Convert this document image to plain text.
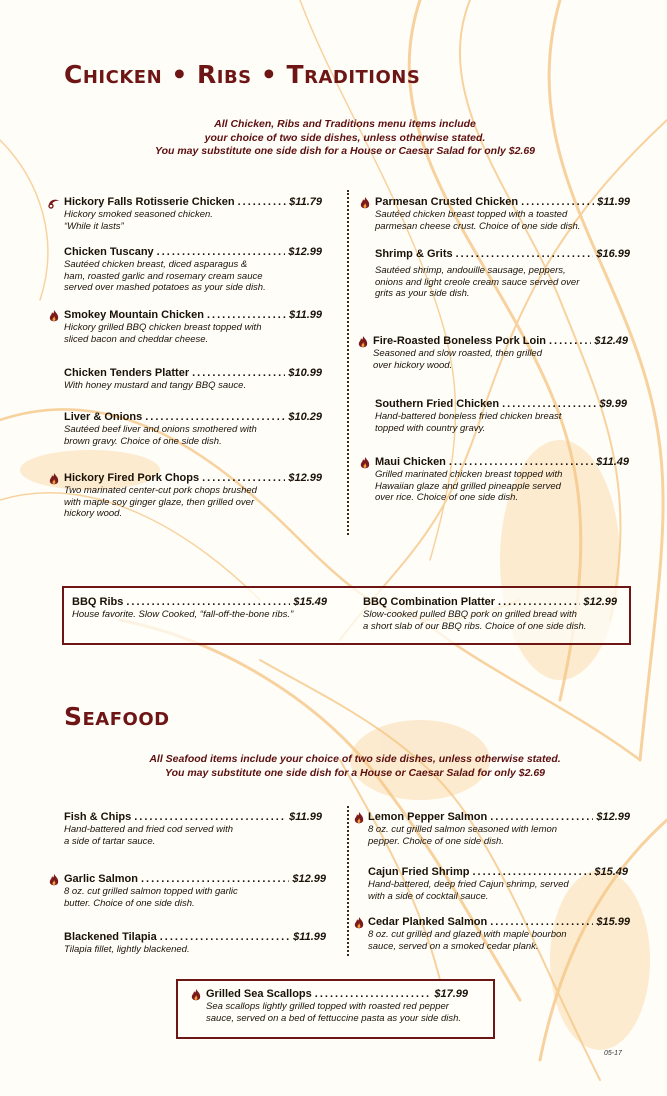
Chicken • Ribs • Traditions
All Chicken, Ribs and Traditions menu items include
your choice of two side dishes, unless otherwise stated.
You may substitute one side dish for a House or Caesar Salad for only $2.69
Hickory Falls Rotisserie Chicken .....	$11.79
Hickory smoked seasoned chicken.
“While it lasts”
Chicken Tuscany .....	$12.99
Sautéed chicken breast, diced asparagus &
ham, roasted garlic and rosemary cream sauce
served over mashed potatoes as your side dish.
Smokey Mountain Chicken .....	$11.99
Hickory grilled BBQ chicken breast topped with
sliced bacon and cheddar cheese.
Chicken Tenders Platter .....	$10.99
With honey mustard and tangy BBQ sauce.
Liver & Onions .....	$10.29
Sautéed beef liver and onions smothered with
brown gravy. Choice of one side dish.
Hickory Fired Pork Chops .....	$12.99
Two marinated center-cut pork chops brushed
with maple soy ginger glaze, then grilled over
hickory wood.
Parmesan Crusted Chicken .....	$11.99
Sautéed chicken breast topped with a toasted
parmesan cheese crust. Choice of one side dish.
Shrimp & Grits .....	$16.99
Sautéed shrimp, andouille sausage, peppers,
onions and light creole cream sauce served over
grits as your side dish.
Fire-Roasted Boneless Pork Loin .....	$12.49
Seasoned and slow roasted, then grilled
over hickory wood.
Southern Fried Chicken .....	$9.99
Hand-battered boneless fried chicken breast
topped with country gravy.
Maui Chicken .....	$11.49
Grilled marinated chicken breast topped with
Hawaiian glaze and grilled pineapple served
over rice. Choice of one side dish.
BBQ Ribs .....	$15.49
House favorite. Slow Cooked, “fall-off-the-bone ribs.”
BBQ Combination Platter .....	$12.99
Slow-cooked pulled BBQ pork on grilled bread with
a short slab of our BBQ ribs. Choice of one side dish.
Seafood
All Seafood items include your choice of two side dishes, unless otherwise stated.
You may substitute one side dish for a House or Caesar Salad for only $2.69
Fish & Chips .....	$11.99
Hand-battered and fried cod served with
a side of tartar sauce.
Garlic Salmon .....	$12.99
8 oz. cut grilled salmon topped with garlic
butter. Choice of one side dish.
Blackened Tilapia .....	$11.99
Tilapia fillet, lightly blackened.
Lemon Pepper Salmon .....	$12.99
8 oz. cut grilled salmon seasoned with lemon
pepper. Choice of one side dish.
Cajun Fried Shrimp .....	$15.49
Hand-battered, deep fried Cajun shrimp, served
with a side of cocktail sauce.
Cedar Planked Salmon .....	$15.99
8 oz. cut grilled and glazed with maple bourbon
sauce, served on a smoked cedar plank.
Grilled Sea Scallops .....	$17.99
Sea scallops lightly grilled topped with roasted red pepper
sauce, served on a bed of fettuccine pasta as your side dish.
05-17
